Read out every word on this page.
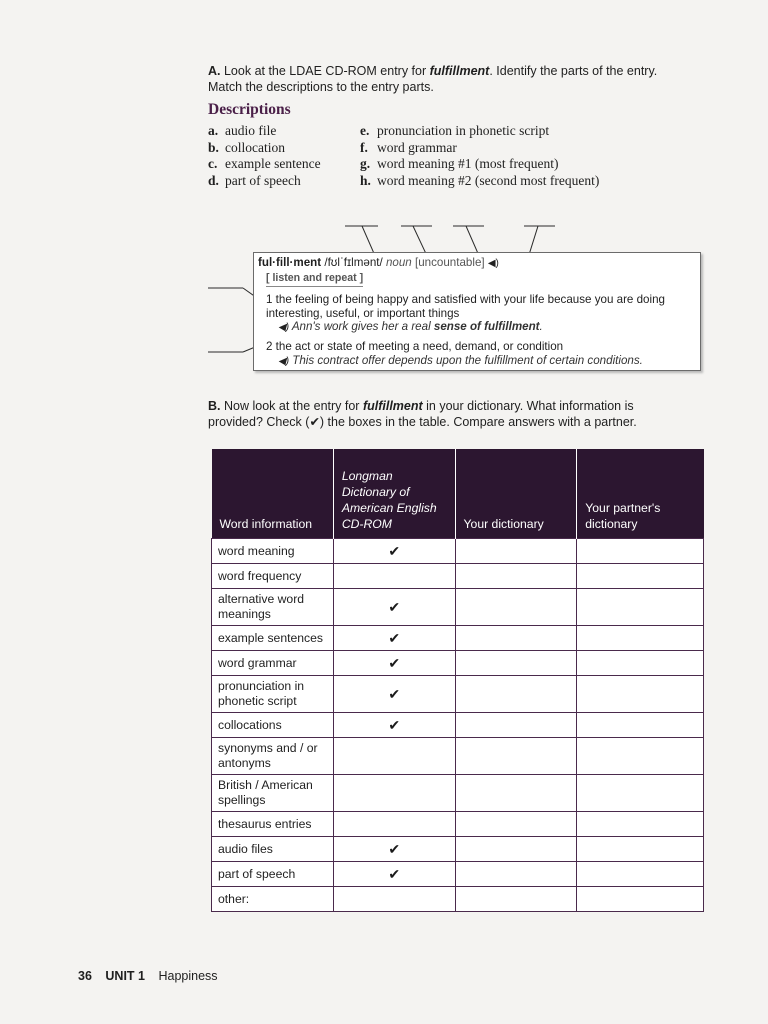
A. Look at the LDAE CD-ROM entry for fulfillment. Identify the parts of the entry. Match the descriptions to the entry parts.
Descriptions
a. audio file
b. collocation
c. example sentence
d. part of speech
e. pronunciation in phonetic script
f. word grammar
g. word meaning #1 (most frequent)
h. word meaning #2 (second most frequent)
ful·fill·ment /fʊlˈfɪlmənt/ noun [uncountable] ◀)
[ listen and repeat ]
1 the feeling of being happy and satisfied with your life because you are doing interesting, useful, or important things
◀) Ann's work gives her a real sense of fulfillment.
2 the act or state of meeting a need, demand, or condition
◀) This contract offer depends upon the fulfillment of certain conditions.
B. Now look at the entry for fulfillment in your dictionary. What information is provided? Check (✔) the boxes in the table. Compare answers with a partner.
Word information	Longman Dictionary of American English CD-ROM	Your dictionary	Your partner's dictionary
word meaning	✔		
word frequency			
alternative word meanings	✔		
example sentences	✔		
word grammar	✔		
pronunciation in phonetic script	✔		
collocations	✔		
synonyms and / or antonyms			
British / American spellings			
thesaurus entries			
audio files	✔		
part of speech	✔		
other:			
36 UNIT 1 Happiness
